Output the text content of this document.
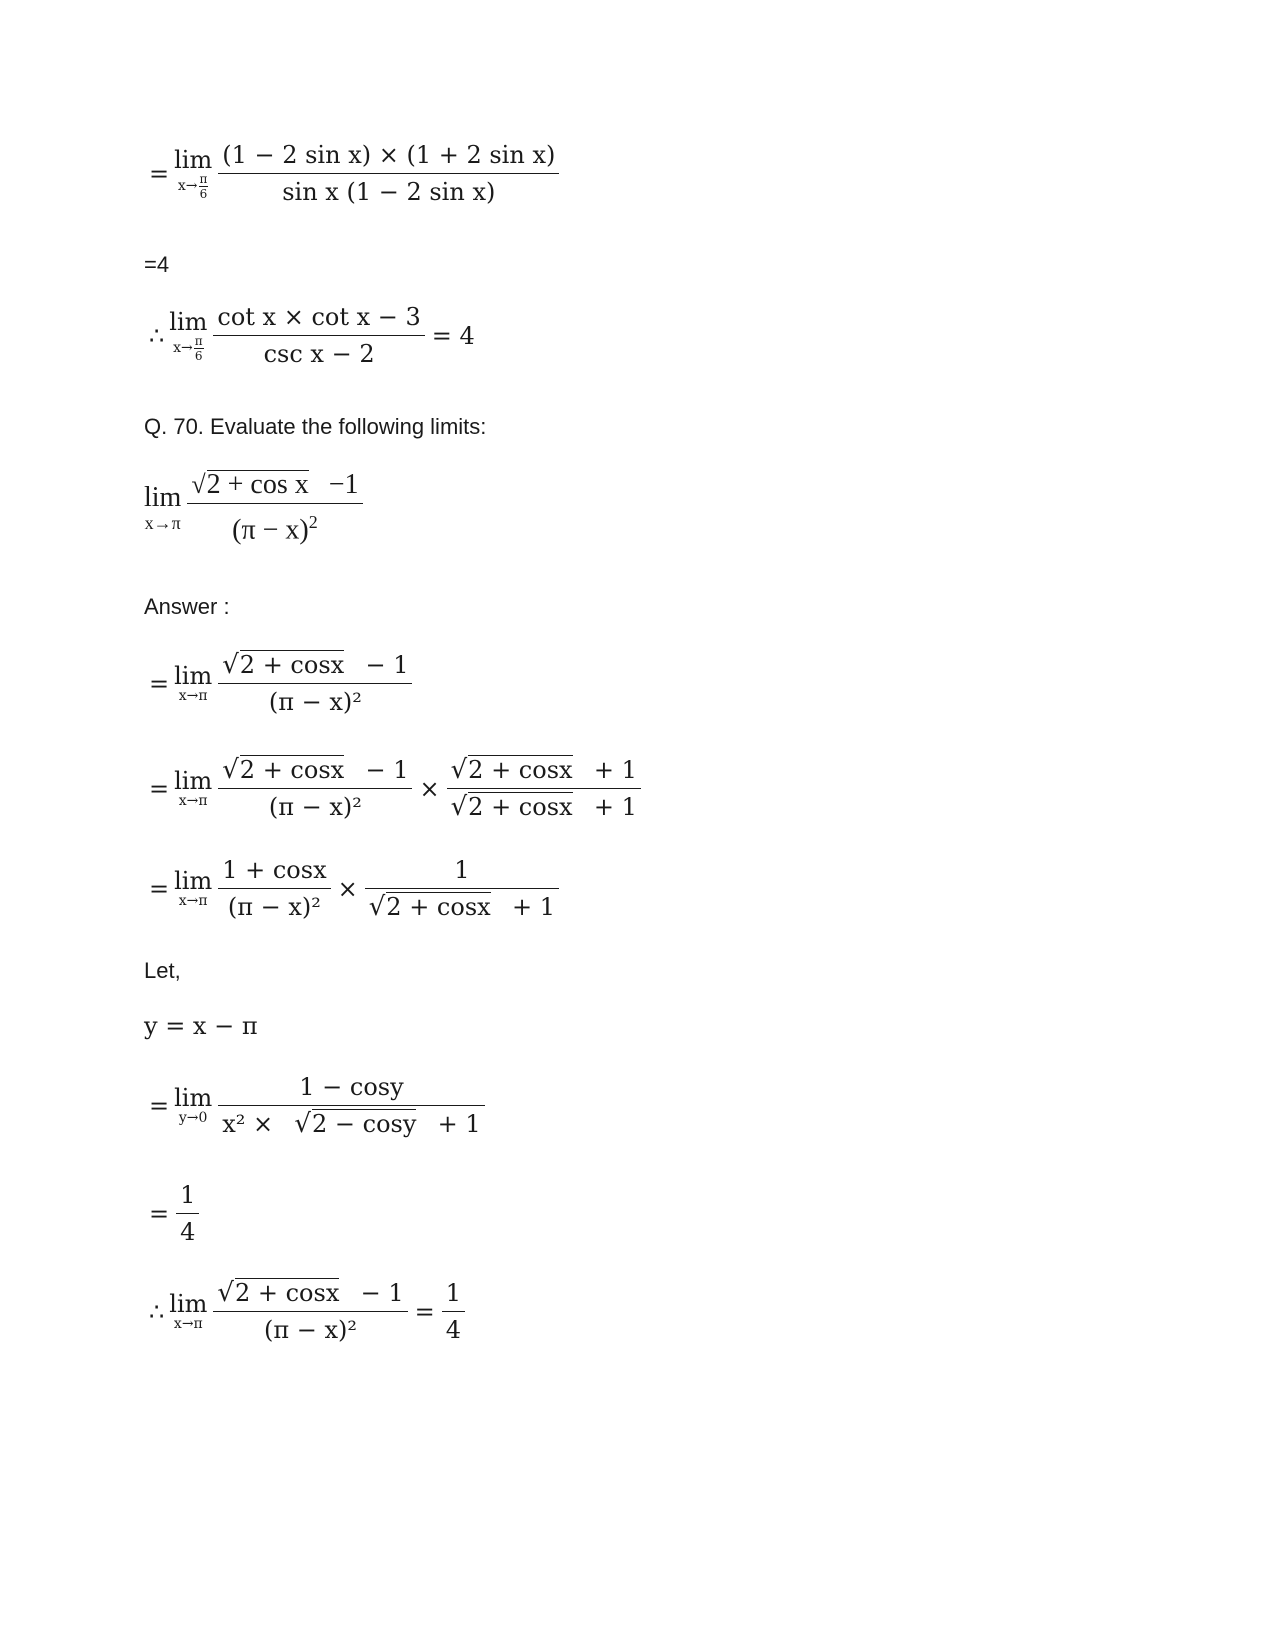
= lim
x → π
$6 \frac{\text{(1 − 2 sin x) × (1 + 2 sin x)}}{\text{sin x (1 − 2 sin x)}}$
=4
∴ lim
x → π
$6 \frac{\text{cot x × cot x − 3}}{\text{csc x − 2}} = 4$
Q. 70. Evaluate the following limits:
lim
$x\to\pi \frac{\text{√ 2 + cos x −1}}{(\pi - x)^2}$
Answer :
= lim
$x\to\pi \frac{√ 2 + \cos x - 1}{\text{(π − x)²}}$
= lim
$x\to\pi \frac{√ 2 + \cos x - 1}{\text{(π − x)²}} \times \frac{√ 2 + \cos x + 1}{√ 2 + \cos x + 1}$
= lim
$x\to\pi \frac{1 + \cos x}{\text{(π − x)²}} \times \frac{1}{√ 2 + \cos x + 1}$
Let,
y = x − π
= lim
y→0
1 − cosy
x² × √ 2 − cosy + 1
= $\frac{1}{4}$
∴ lim
$x\to\pi \frac{√ 2 + \cos x - 1}{\text{(π − x)²}} = \frac{1}{4}$
